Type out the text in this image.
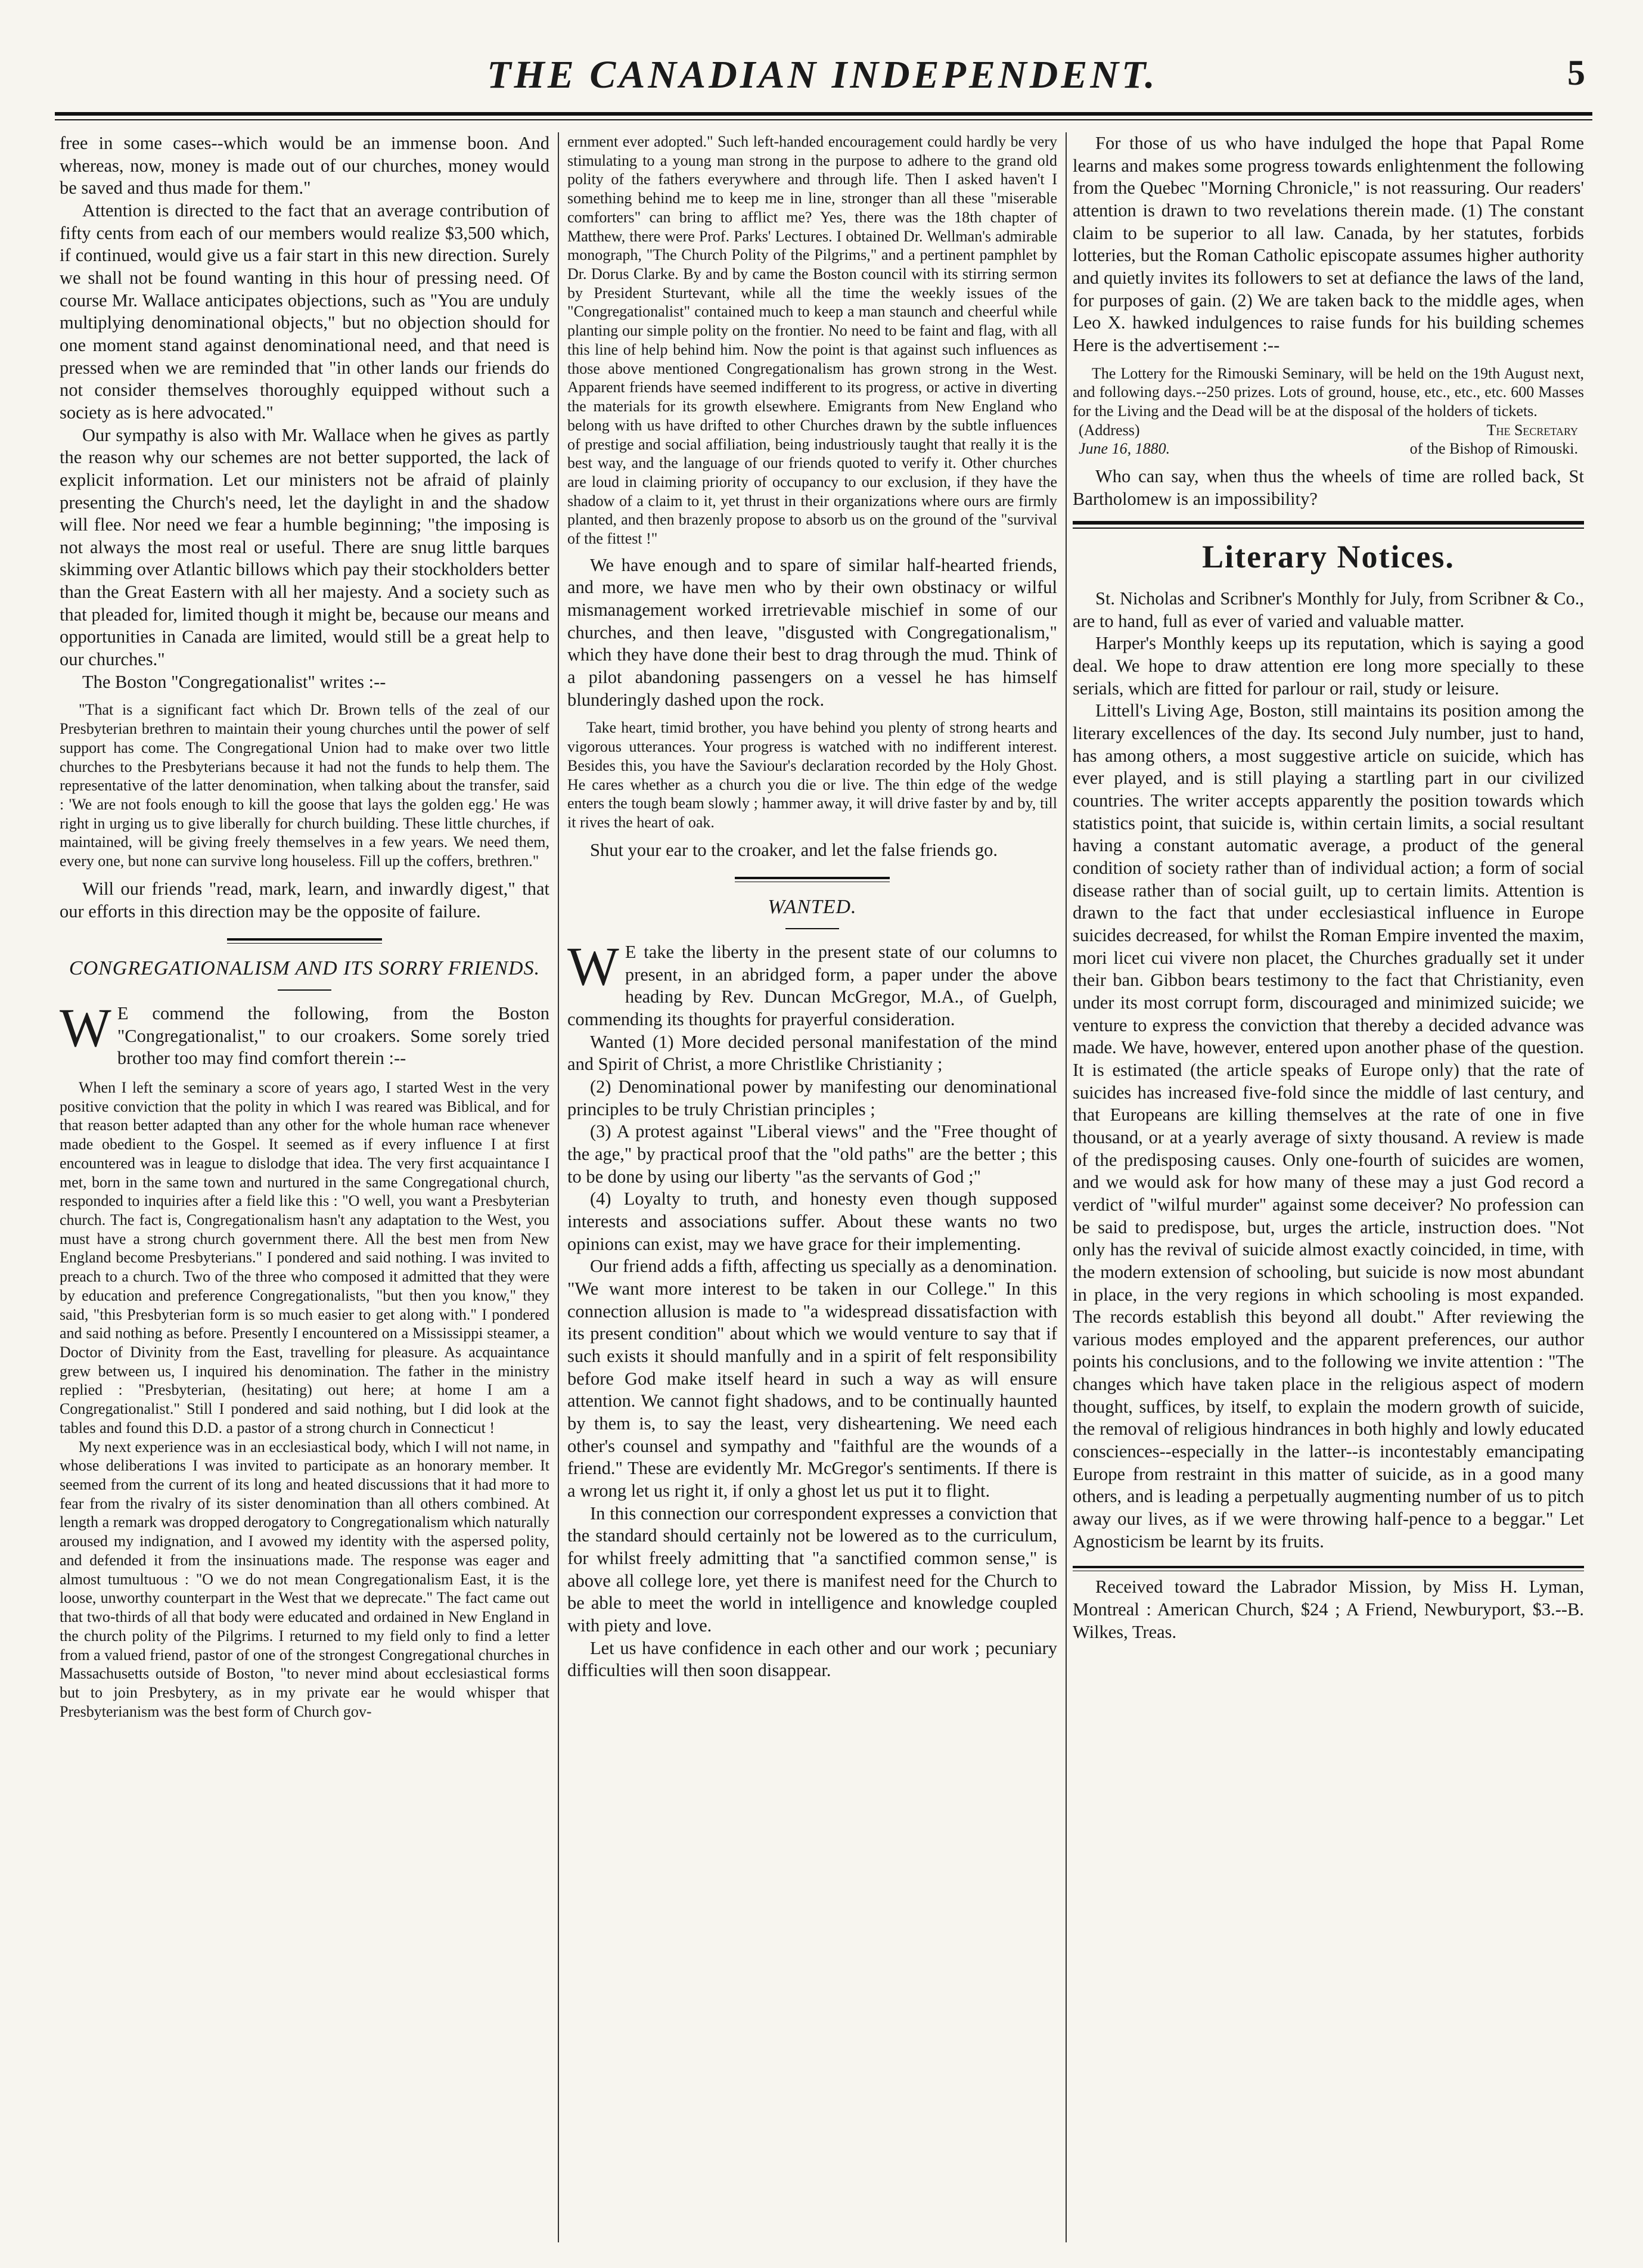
THE CANADIAN INDEPENDENT.	5

free in some cases--which would be an immense boon. And whereas, now, money is made out of our churches, money would be saved and thus made for them."

Attention is directed to the fact that an average contribution of fifty cents from each of our members would realize $3,500 which, if continued, would give us a fair start in this new direction. Surely we shall not be found wanting in this hour of pressing need. Of course Mr. Wallace anticipates objections, such as "You are unduly multiplying denominational objects," but no objection should for one moment stand against denominational need, and that need is pressed when we are reminded that "in other lands our friends do not consider themselves thoroughly equipped without such a society as is here advocated."

Our sympathy is also with Mr. Wallace when he gives as partly the reason why our schemes are not better supported, the lack of explicit information. Let our ministers not be afraid of plainly presenting the Church's need, let the daylight in and the shadow will flee. Nor need we fear a humble beginning; "the imposing is not always the most real or useful. There are snug little barques skimming over Atlantic billows which pay their stockholders better than the Great Eastern with all her majesty. And a society such as that pleaded for, limited though it might be, because our means and opportunities in Canada are limited, would still be a great help to our churches."

The Boston "Congregationalist" writes :--

"That is a significant fact which Dr. Brown tells of the zeal of our Presbyterian brethren to maintain their young churches until the power of self support has come. The Congregational Union had to make over two little churches to the Presbyterians because it had not the funds to help them. The representative of the latter denomination, when talking about the transfer, said : 'We are not fools enough to kill the goose that lays the golden egg.' He was right in urging us to give liberally for church building. These little churches, if maintained, will be giving freely themselves in a few years. We need them, every one, but none can survive long houseless. Fill up the coffers, brethren."

Will our friends "read, mark, learn, and inwardly digest," that our efforts in this direction may be the opposite of failure.

CONGREGATIONALISM AND ITS SORRY FRIENDS.

W E commend the following, from the Boston "Congregationalist," to our croakers. Some sorely tried brother too may find comfort therein :--

When I left the seminary a score of years ago, I started West in the very positive conviction that the polity in which I was reared was Biblical, and for that reason better adapted than any other for the whole human race whenever made obedient to the Gospel. It seemed as if every influence I at first encountered was in league to dislodge that idea. The very first acquaintance I met, born in the same town and nurtured in the same Congregational church, responded to inquiries after a field like this : "O well, you want a Presbyterian church. The fact is, Congregationalism hasn't any adaptation to the West, you must have a strong church government there. All the best men from New England become Presbyterians." I pondered and said nothing. I was invited to preach to a church. Two of the three who composed it admitted that they were by education and preference Congregationalists, "but then you know," they said, "this Presbyterian form is so much easier to get along with." I pondered and said nothing as before. Presently I encountered on a Mississippi steamer, a Doctor of Divinity from the East, travelling for pleasure. As acquaintance grew between us, I inquired his denomination. The father in the ministry replied : "Presbyterian, (hesitating) out here; at home I am a Congregationalist." Still I pondered and said nothing, but I did look at the tables and found this D.D. a pastor of a strong church in Connecticut !

My next experience was in an ecclesiastical body, which I will not name, in whose deliberations I was invited to participate as an honorary member. It seemed from the current of its long and heated discussions that it had more to fear from the rivalry of its sister denomination than all others combined. At length a remark was dropped derogatory to Congregationalism which naturally aroused my indignation, and I avowed my identity with the aspersed polity, and defended it from the insinuations made. The response was eager and almost tumultuous : "O we do not mean Congregationalism East, it is the loose, unworthy counterpart in the West that we deprecate." The fact came out that two-thirds of all that body were educated and ordained in New England in the church polity of the Pilgrims. I returned to my field only to find a letter from a valued friend, pastor of one of the strongest Congregational churches in Massachusetts outside of Boston, "to never mind about ecclesiastical forms but to join Presbytery, as in my private ear he would whisper that Presbyterianism was the best form of Church gov-

ernment ever adopted." Such left-handed encouragement could hardly be very stimulating to a young man strong in the purpose to adhere to the grand old polity of the fathers everywhere and through life. Then I asked haven't I something behind me to keep me in line, stronger than all these "miserable comforters" can bring to afflict me? Yes, there was the 18th chapter of Matthew, there were Prof. Parks' Lectures. I obtained Dr. Wellman's admirable monograph, "The Church Polity of the Pilgrims," and a pertinent pamphlet by Dr. Dorus Clarke. By and by came the Boston council with its stirring sermon by President Sturtevant, while all the time the weekly issues of the "Congregationalist" contained much to keep a man staunch and cheerful while planting our simple polity on the frontier. No need to be faint and flag, with all this line of help behind him. Now the point is that against such influences as those above mentioned Congregationalism has grown strong in the West. Apparent friends have seemed indifferent to its progress, or active in diverting the materials for its growth elsewhere. Emigrants from New England who belong with us have drifted to other Churches drawn by the subtle influences of prestige and social affiliation, being industriously taught that really it is the best way, and the language of our friends quoted to verify it. Other churches are loud in claiming priority of occupancy to our exclusion, if they have the shadow of a claim to it, yet thrust in their organizations where ours are firmly planted, and then brazenly propose to absorb us on the ground of the "survival of the fittest !"

We have enough and to spare of similar half-hearted friends, and more, we have men who by their own obstinacy or wilful mismanagement worked irretrievable mischief in some of our churches, and then leave, "disgusted with Congregationalism," which they have done their best to drag through the mud. Think of a pilot abandoning passengers on a vessel he has himself blunderingly dashed upon the rock.

Take heart, timid brother, you have behind you plenty of strong hearts and vigorous utterances. Your progress is watched with no indifferent interest. Besides this, you have the Saviour's declaration recorded by the Holy Ghost. He cares whether as a church you die or live. The thin edge of the wedge enters the tough beam slowly ; hammer away, it will drive faster by and by, till it rives the heart of oak.

Shut your ear to the croaker, and let the false friends go.

WANTED.

W E take the liberty in the present state of our columns to present, in an abridged form, a paper under the above heading by Rev. Duncan McGregor, M.A., of Guelph, commending its thoughts for prayerful consideration.

Wanted (1) More decided personal manifestation of the mind and Spirit of Christ, a more Christlike Christianity ;

(2) Denominational power by manifesting our denominational principles to be truly Christian principles ;

(3) A protest against "Liberal views" and the "Free thought of the age," by practical proof that the "old paths" are the better ; this to be done by using our liberty "as the servants of God ;"

(4) Loyalty to truth, and honesty even though supposed interests and associations suffer. About these wants no two opinions can exist, may we have grace for their implementing.

Our friend adds a fifth, affecting us specially as a denomination. "We want more interest to be taken in our College." In this connection allusion is made to "a widespread dissatisfaction with its present condition" about which we would venture to say that if such exists it should manfully and in a spirit of felt responsibility before God make itself heard in such a way as will ensure attention. We cannot fight shadows, and to be continually haunted by them is, to say the least, very disheartening. We need each other's counsel and sympathy and "faithful are the wounds of a friend." These are evidently Mr. McGregor's sentiments. If there is a wrong let us right it, if only a ghost let us put it to flight.

In this connection our correspondent expresses a conviction that the standard should certainly not be lowered as to the curriculum, for whilst freely admitting that "a sanctified common sense," is above all college lore, yet there is manifest need for the Church to be able to meet the world in intelligence and knowledge coupled with piety and love.

Let us have confidence in each other and our work ; pecuniary difficulties will then soon disappear.

For those of us who have indulged the hope that Papal Rome learns and makes some progress towards enlightenment the following from the Quebec "Morning Chronicle," is not reassuring. Our readers' attention is drawn to two revelations therein made. (1) The constant claim to be superior to all law. Canada, by her statutes, forbids lotteries, but the Roman Catholic episcopate assumes higher authority and quietly invites its followers to set at defiance the laws of the land, for purposes of gain. (2) We are taken back to the middle ages, when Leo X. hawked indulgences to raise funds for his building schemes Here is the advertisement :--

The Lottery for the Rimouski Seminary, will be held on the 19th August next, and following days.--250 prizes. Lots of ground, house, etc., etc., etc. 600 Masses for the Living and the Dead will be at the disposal of the holders of tickets.

(Address)	The Secretary
June 16, 1880.	of the Bishop of Rimouski.

Who can say, when thus the wheels of time are rolled back, St Bartholomew is an impossibility?

Literary Notices.

St. Nicholas and Scribner's Monthly for July, from Scribner & Co., are to hand, full as ever of varied and valuable matter.

Harper's Monthly keeps up its reputation, which is saying a good deal. We hope to draw attention ere long more specially to these serials, which are fitted for parlour or rail, study or leisure.

Littell's Living Age, Boston, still maintains its position among the literary excellences of the day. Its second July number, just to hand, has among others, a most suggestive article on suicide, which has ever played, and is still playing a startling part in our civilized countries. The writer accepts apparently the position towards which statistics point, that suicide is, within certain limits, a social resultant having a constant automatic average, a product of the general condition of society rather than of individual action; a form of social disease rather than of social guilt, up to certain limits. Attention is drawn to the fact that under ecclesiastical influence in Europe suicides decreased, for whilst the Roman Empire invented the maxim, mori licet cui vivere non placet, the Churches gradually set it under their ban. Gibbon bears testimony to the fact that Christianity, even under its most corrupt form, discouraged and minimized suicide; we venture to express the conviction that thereby a decided advance was made. We have, however, entered upon another phase of the question. It is estimated (the article speaks of Europe only) that the rate of suicides has increased five-fold since the middle of last century, and that Europeans are killing themselves at the rate of one in five thousand, or at a yearly average of sixty thousand. A review is made of the predisposing causes. Only one-fourth of suicides are women, and we would ask for how many of these may a just God record a verdict of "wilful murder" against some deceiver? No profession can be said to predispose, but, urges the article, instruction does. "Not only has the revival of suicide almost exactly coincided, in time, with the modern extension of schooling, but suicide is now most abundant in place, in the very regions in which schooling is most expanded. The records establish this beyond all doubt." After reviewing the various modes employed and the apparent preferences, our author points his conclusions, and to the following we invite attention : "The changes which have taken place in the religious aspect of modern thought, suffices, by itself, to explain the modern growth of suicide, the removal of religious hindrances in both highly and lowly educated consciences--especially in the latter--is incontestably emancipating Europe from restraint in this matter of suicide, as in a good many others, and is leading a perpetually augmenting number of us to pitch away our lives, as if we were throwing half-pence to a beggar." Let Agnosticism be learnt by its fruits.

Received toward the Labrador Mission, by Miss H. Lyman, Montreal : American Church, $24 ; A Friend, Newburyport, $3.--B. Wilkes, Treas.
